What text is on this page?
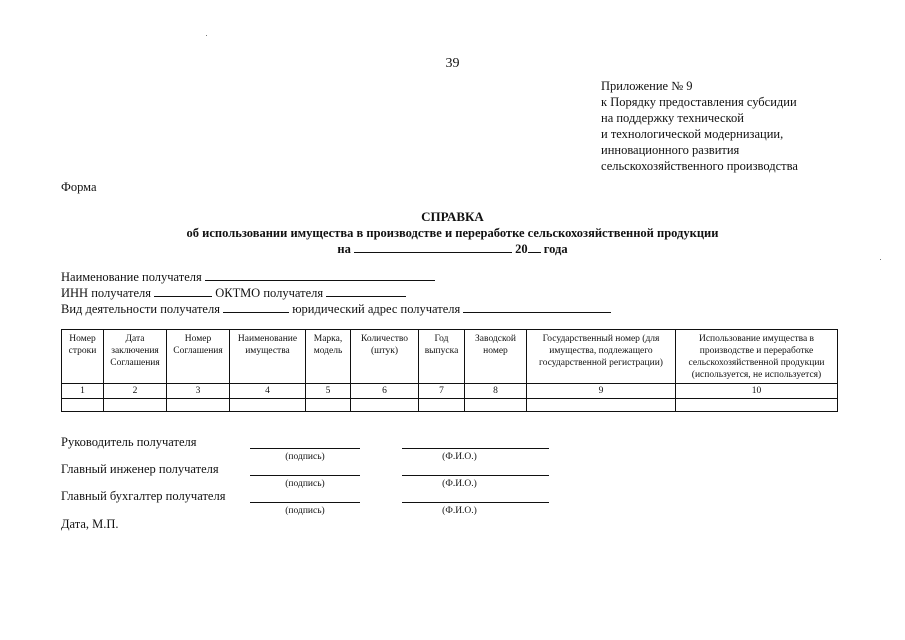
39
Приложение № 9
к Порядку предоставления субсидии
на поддержку технической
и технологической модернизации,
инновационного развития
сельскохозяйственного производства
Форма
СПРАВКА
об использовании имущества в производстве и переработке сельскохозяйственной продукции
на	20 года
Наименование получателя
ИНН получателя	ОКТМО получателя
Вид деятельности получателя	юридический адрес получателя
Номер строки	Дата заключения Соглашения	Номер Соглашения	Наименование имущества	Марка, модель	Количество (штук)	Год выпуска	Заводской номер	Государственный номер (для имущества, подлежащего государственной регистрации)	Использование имущества в производстве и переработке сельскохозяйственной продукции (используется, не используется)
1	2	3	4	5	6	7	8	9	10

Руководитель получателя
(подпись)	(Ф.И.О.)
Главный инженер получателя
(подпись)	(Ф.И.О.)
Главный бухгалтер получателя
(подпись)	(Ф.И.О.)
Дата, М.П.
